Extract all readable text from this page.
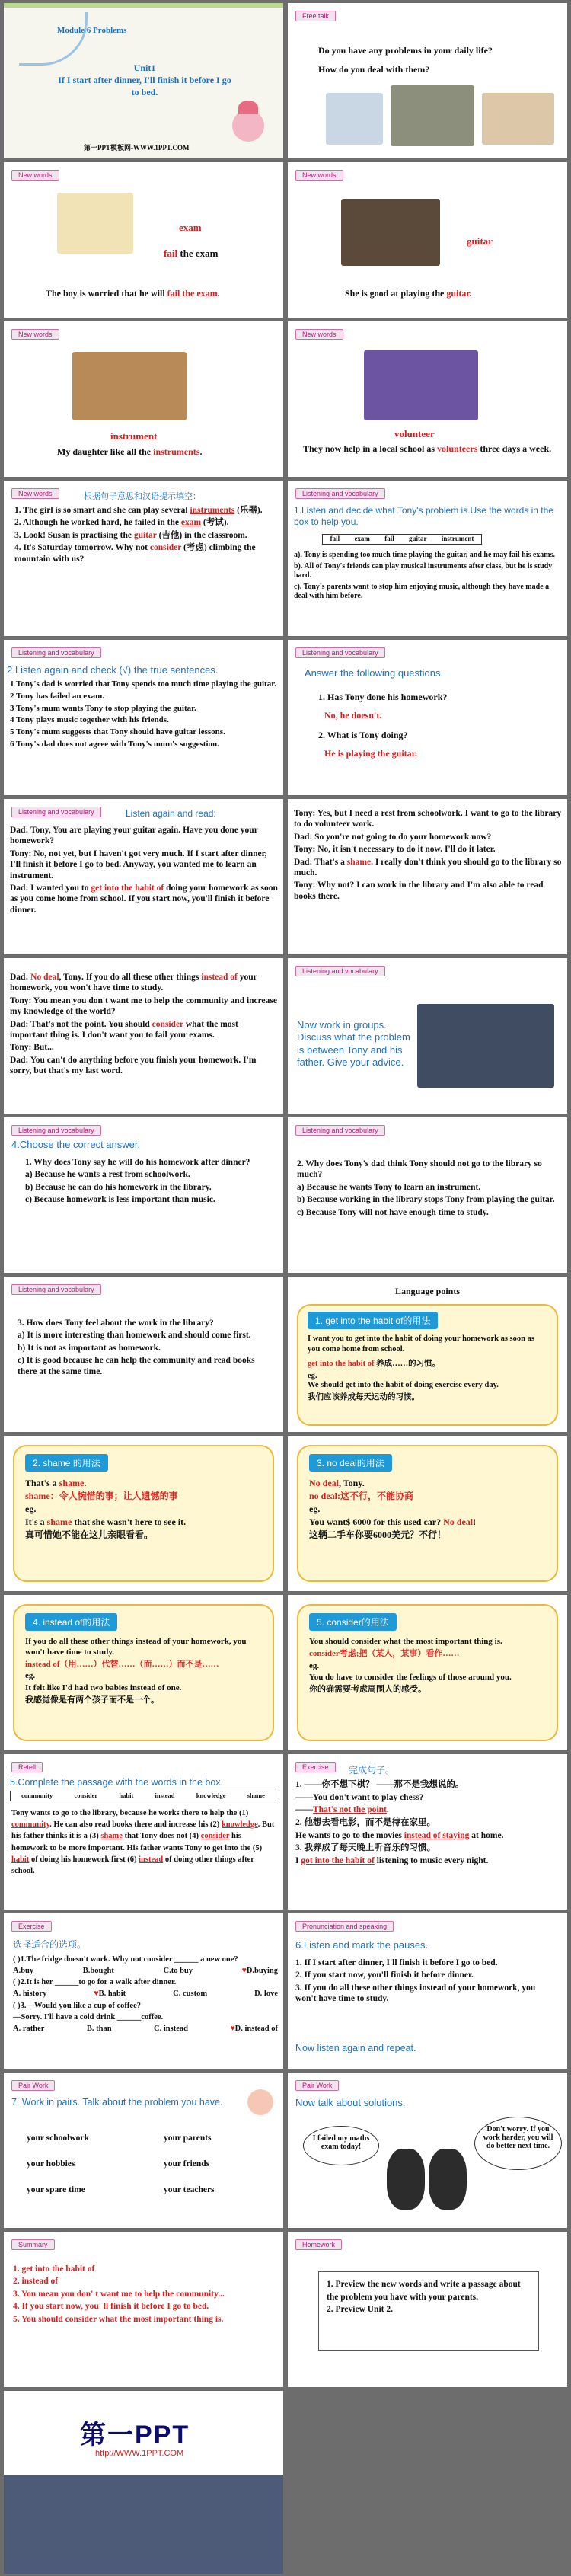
Module 6 Problems
Unit1
If I start after dinner, I'll finish it before I go to bed.
第一PPT模板网-WWW.1PPT.COM
Free talk
Do you have any problems in your daily life?
How do you deal with them?
New words
exam
fail the exam
The boy is worried that he will fail the exam.
New words
guitar
She is good at playing the guitar.
New words
instrument
My daughter like all the instruments.
New words
volunteer
They now help in a local school as volunteers three days a week.
New words	根据句子意思和汉语提示填空：
1. The girl is so smart and she can play several instruments (乐器).
2. Although he worked hard, he failed in the exam (考试).
3. Look! Susan is practising the guitar (吉他) in the classroom.
4. It's Saturday tomorrow. Why not consider (考虑) climbing the mountain with us?
Listening and vocabulary
1.Listen and decide what Tony's problem is.Use the words in the box to help you.
fail exam fail guitar instrument
a). Tony is spending too much time playing the guitar, and he may fail his exams.
b). All of Tony's friends can play musical instruments after class, but he is study hard.
c). Tony's parents want to stop him enjoying music, although they have made a deal with him before.
Listening and vocabulary
2.Listen again and check (√) the true sentences.
1 Tony's dad is worried that Tony spends too much time playing the guitar.
2 Tony has failed an exam.
3 Tony's mum wants Tony to stop playing the guitar.
4 Tony plays music together with his friends.
5 Tony's mum suggests that Tony should have guitar lessons.
6 Tony's dad does not agree with Tony's mum's suggestion.
Listening and vocabulary
Answer the following questions.
1. Has Tony done his homework?
No, he doesn't.
2. What is Tony doing?
He is playing the guitar.
Listening and vocabulary	Listen again and read:
Dad: Tony, You are playing your guitar again. Have you done your homework?
Tony: No, not yet, but I haven't got very much. If I start after dinner, I'll finish it before I go to bed. Anyway, you wanted me to learn an instrument.
Dad: I wanted you to get into the habit of doing your homework as soon as you come home from school. If you start now, you'll finish it before dinner.
Tony: Yes, but I need a rest from schoolwork. I want to go to the library to do volunteer work.
Dad: So you're not going to do your homework now?
Tony: No, it isn't necessary to do it now. I'll do it later.
Dad: That's a shame. I really don't think you should go to the library so much.
Tony: Why not? I can work in the library and I'm also able to read books there.
Dad: No deal, Tony. If you do all these other things instead of your homework, you won't have time to study.
Tony: You mean you don't want me to help the community and increase my knowledge of the world?
Dad: That's not the point. You should consider what the most important thing is. I don't want you to fail your exams.
Tony: But...
Dad: You can't do anything before you finish your homework. I'm sorry, but that's my last word.
Listening and vocabulary
Now work in groups. Discuss what the problem is between Tony and his father. Give your advice.
Listening and vocabulary
4.Choose the correct answer.
1. Why does Tony say he will do his homework after dinner?
a) Because he wants a rest from schoolwork.
b) Because he can do his homework in the library.
c) Because homework is less important than music.
Listening and vocabulary
2. Why does Tony's dad think Tony should not go to the library so much?
a) Because he wants Tony to learn an instrument.
b) Because working in the library stops Tony from playing the guitar.
c) Because Tony will not have enough time to study.
Listening and vocabulary
3. How does Tony feel about the work in the library?
a) It is more interesting than homework and should come first.
b) It is not as important as homework.
c) It is good because he can help the community and read books there at the same time.
Language points
1. get into the habit of的用法
I want you to get into the habit of doing your homework as soon as you come home from school.
get into the habit of 养成……的习惯。
eg.
We should get into the habit of doing exercise every day.
我们应该养成每天运动的习惯。
2. shame 的用法
That's a shame.
shame：令人惋惜的事；让人遗憾的事
eg.
It's a shame that she wasn't here to see it.
真可惜她不能在这儿亲眼看看。
3. no deal的用法
No deal, Tony.
no deal:这不行，不能协商
eg.
You want$ 6000 for this used car? No deal!
这辆二手车你要6000美元？不行！
4. instead of的用法
If you do all these other things instead of your homework, you won't have time to study.
instead of（用……）代替……（而……）而不是……
eg.
It felt like I'd had two babies instead of one.
我感觉像是有两个孩子而不是一个。
5. consider的用法
You should consider what the most important thing is.
consider考虑;把（某人，某事）看作……
eg.
You do have to consider the feelings of those around you.
你的确需要考虑周围人的感受。
Retell
5.Complete the passage with the words in the box.
community	consider	habit	instead	knowledge	shame
Tony wants to go to the library, because he works there to help the (1) community. He can also read books there and increase his (2) knowledge. But his father thinks it is a (3) shame that Tony does not (4) consider his homework to be more important. His father wants Tony to get into the (5) habit of doing his homework first (6) instead of doing other things after school.
Exercise	完成句子。
1. ——你不想下棋？ ——那不是我想说的。
——You don't want to play chess?
——That's not the point.
2. 他想去看电影，而不是待在家里。
He wants to go to the movies instead of staying at home.
3. 我养成了每天晚上听音乐的习惯。
I got into the habit of listening to music every night.
Exercise
选择适合的选项。
( )1.The fridge doesn't work. Why not consider ______ a new one?
A.buy	B.bought	C.to buy	♥D.buying
( )2.It is her ______to go for a walk after dinner.
A. history	♥B. habit	C. custom	D. love
( )3.—Would you like a cup of coffee?
—Sorry. I'll have a cold drink ______coffee.
A. rather	B. than	C. instead	♥D. instead of
Pronunciation and speaking
6.Listen and mark the pauses.
1. If I start after dinner, I'll finish it before I go to bed.
2. If you start now, you'll finish it before dinner.
3. If you do all these other things instead of your homework, you won't have time to study.
Now listen again and repeat.
Pair Work
7. Work in pairs. Talk about the problem you have.
your schoolwork	your parents
your hobbies	your friends
your spare time	your teachers
Pair Work
Now talk about solutions.
I failed my maths exam today!
Don't worry. If you work harder, you will do better next time.
Summary
1. get into the habit of
2. instead of
3. You mean you don' t want me to help the community...
4. If you start now, you' ll finish it before I go to bed.
5. You should consider what the most important thing is.
Homework
1. Preview the new words and write a passage about the problem you have with your parents.
2. Preview Unit 2.
第一PPT
http://WWW.1PPT.COM
